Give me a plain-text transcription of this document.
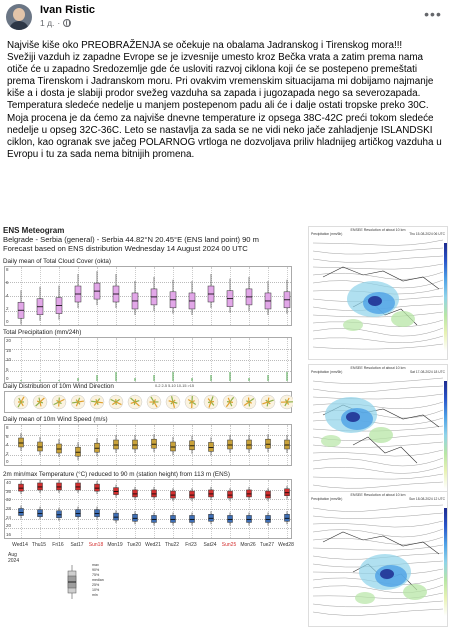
Ivan Ristic
1 д. ·
•••

Najviše kiše oko PREOBRAŽENJA se očekuje na obalama Jadranskog i Tirenskog mora!!!

Svežiji vazduh iz zapadne Evrope se je izvesnije umesto kroz Bečka vrata a zatim prema nama otiče će u zapadno Sredozemlje gde će usloviti razvoj ciklona koji će se postepeno premeštati prema Tirenskom i Jadranskom moru. Pri ovakvim vremenskim situacijama mi dobijamo najmanje kiše a i dosta je slabiji prodor svežeg vazduha sa zapada i jugozapada nego sa severozapada.

Temperatura sledeće nedelje u manjem postepenom padu ali će i dalje ostati tropske preko 30C.

Moja procena je da ćemo za najviše dnevne temperature iz opsega 38C-42C preći tokom sledeće nedelje u opseg 32C-36C. Leto se nastavlja za sada se ne vidi neko jače zahladjenje ISLANDSKI ciklon, kao ogranak sve jačeg POLARNOG vrtloga ne dozvoljava priliv hladnijeg artičkog vazduha u Evropu i tu za sada nema bitnijih promena.

ENS Meteogram
Belgrade - Serbia (general) - Serbia 44.82°N 20.45°E (ENS land point) 90 m
Forecast based on ENS distribution Wednesday 14 August 2024 00 UTC
Daily mean of Total Cloud Cover (okta)
8
6
4
2
0
Total Precipitation (mm/24h)
20
15
10
5
0
Daily Distribution of 10m Wind Direction	0-2 2-5 5-10 10-15 >15
Daily mean of 10m Wind Speed (m/s)
8
6
4
2
0
2m min/max Temperature (°C) reduced to 90 m (station height) from 113 m (ENS)
40
36
32
28
24
20
16
Wed14 Thu15 Fri16 Sat17 Sun18 Mon19 Tue20 Wed21 Thu22 Fri23 Sat24 Sun25 Mon26 Tue27 Wed28
Aug
2024
max
90%
75%
median
25%
10%
min
ENSEE Resolution of about 10 km
Precipitation (mm/6h)	Thu 15-08-2024 06 UTC
ENSEE Resolution of about 10 km
Precipitation (mm/6h)	Sat 17-08-2024 18 UTC
ENSEE Resolution of about 10 km
Precipitation (mm/6h)	Sun 18-08-2024 12 UTC
